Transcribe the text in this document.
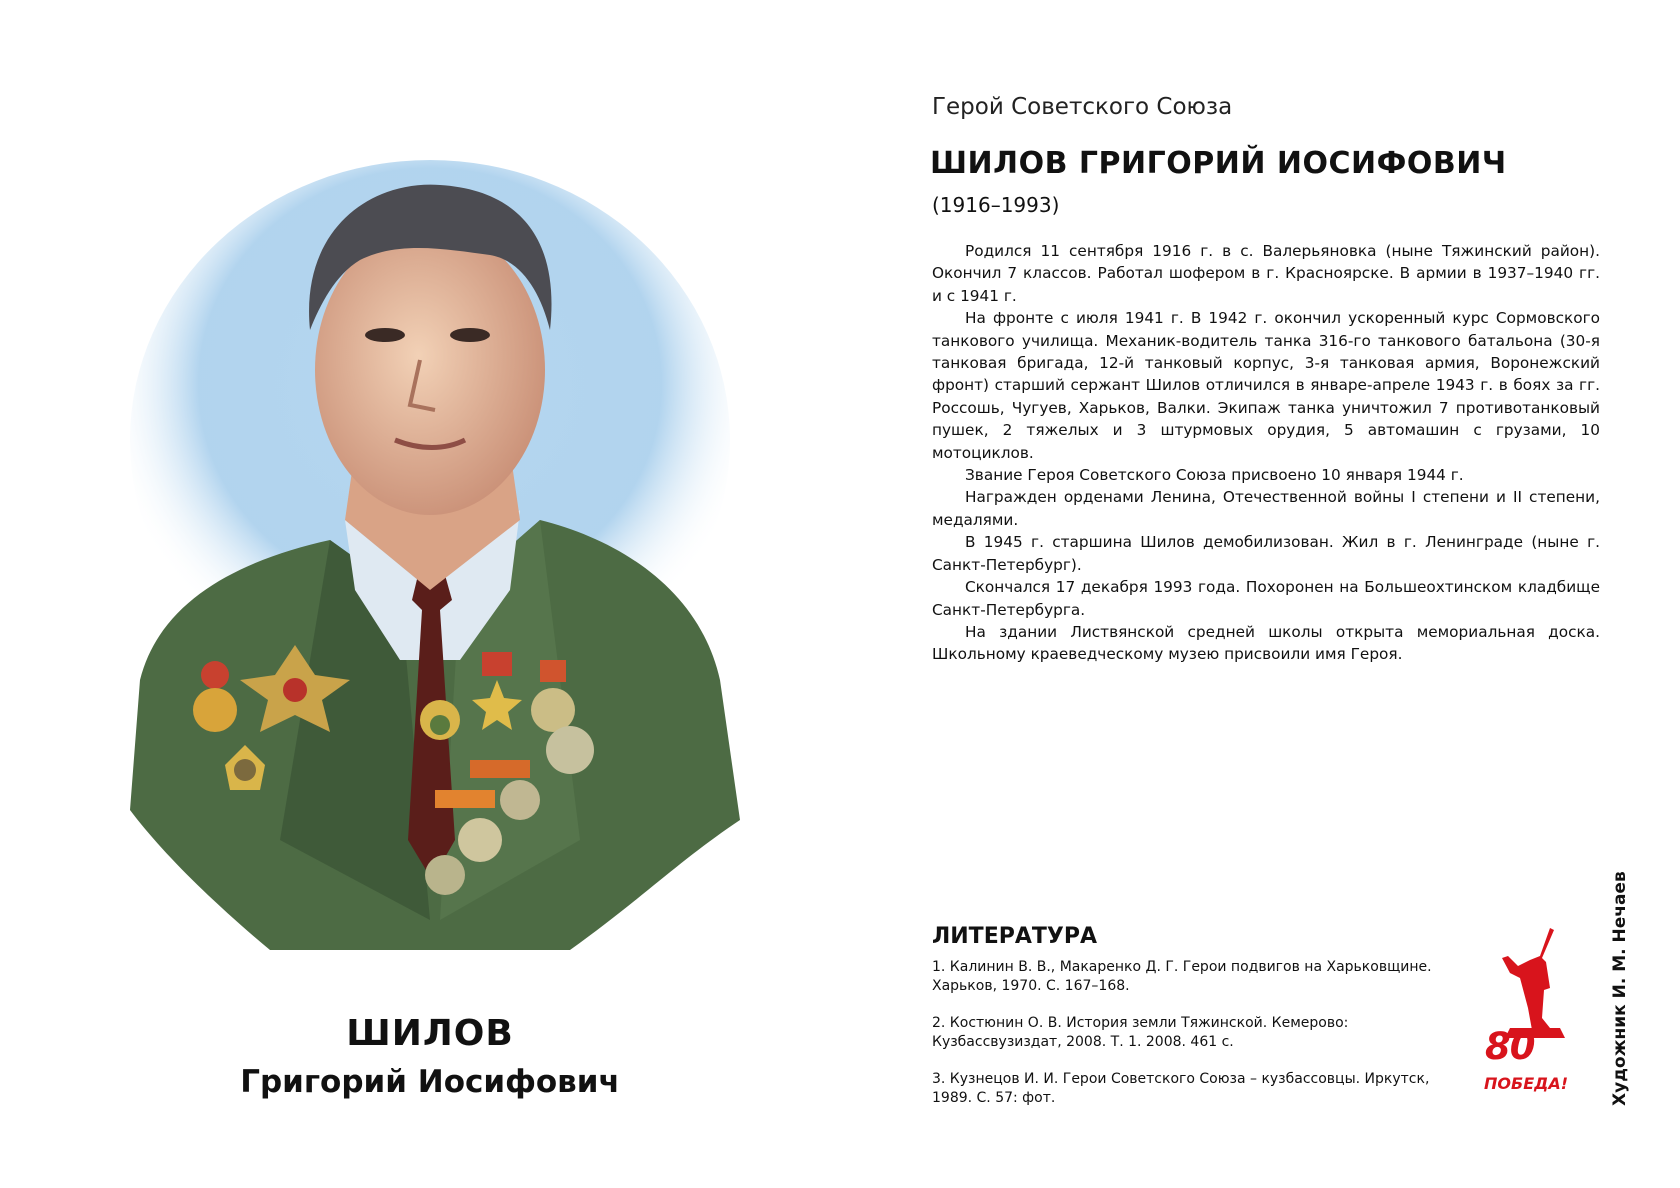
ШИЛОВ
Григорий Иосифович
Герой Советского Союза
ШИЛОВ ГРИГОРИЙ ИОСИФОВИЧ
(1916–1993)

Родился 11 сентября 1916 г. в с. Валерьяновка (ныне Тяжинский район). Окончил 7 классов. Работал шофером в г. Красноярске. В армии в 1937–1940 гг. и с 1941 г.

На фронте с июля 1941 г. В 1942 г. окончил ускоренный курс Сормовского танкового училища. Механик-водитель танка 316-го танкового батальона (30-я танковая бригада, 12-й танковый корпус, 3-я танковая армия, Воронежский фронт) старший сержант Шилов отличился в январе-апреле 1943 г. в боях за гг. Россошь, Чугуев, Харьков, Валки. Экипаж танка уничтожил 7 противотанковый пушек, 2 тяжелых и 3 штурмовых орудия, 5 автомашин с грузами, 10 мотоциклов.

Звание Героя Советского Союза присвоено 10 января 1944 г.

Награжден орденами Ленина, Отечественной войны I степени и II степени, медалями.

В 1945 г. старшина Шилов демобилизован. Жил в г. Ленинграде (ныне г. Санкт-Петербург).

Скончался 17 декабря 1993 года. Похоронен на Большеохтинском кладбище Санкт-Петербурга.

На здании Листвянской средней школы открыта мемориальная доска. Школьному краеведческому музею присвоили имя Героя.

ЛИТЕРАТУРА
1. Калинин В. В., Макаренко Д. Г. Герои подвигов на Харьковщине. Харьков, 1970. С. 167–168.
2. Костюнин О. В. История земли Тяжинской. Кемерово: Кузбассвузиздат, 2008. Т. 1. 2008. 461 с.
3. Кузнецов И. И. Герои Советского Союза – кузбассовцы. Иркутск, 1989. С. 57: фот.
80
ПОБЕДА! Художник И. М. Нечаев
